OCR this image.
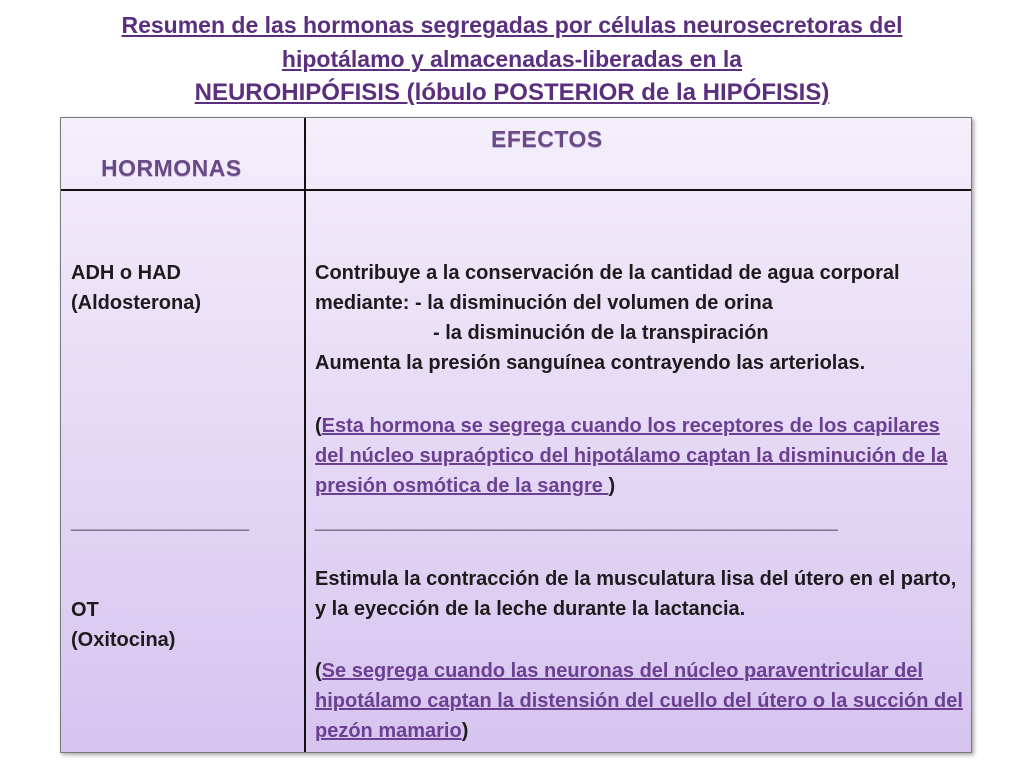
Resumen de las hormonas segregadas por células neurosecretoras del
hipotálamo y almacenadas-liberadas en la
NEUROHIPÓFISIS (lóbulo POSTERIOR de la HIPÓFISIS)
EFECTOS
HORMONAS
ADH o HAD
(Aldosterona)
________________
OT
(Oxitocina)
Contribuye a la conservación de la cantidad de agua corporal
mediante: - la disminución del volumen de orina
- la disminución de la transpiración
Aumenta la presión sanguínea contrayendo las arteriolas.
(Esta hormona se segrega cuando los receptores de los capilares del núcleo supraóptico del hipotálamo captan la disminución de la presión osmótica de la sangre )
_______________________________________________
Estimula la contracción de la musculatura lisa del útero en el parto, y la eyección de la leche durante la lactancia.
(Se segrega cuando las neuronas del núcleo paraventricular del hipotálamo captan la distensión del cuello del útero o la succión del pezón mamario)
